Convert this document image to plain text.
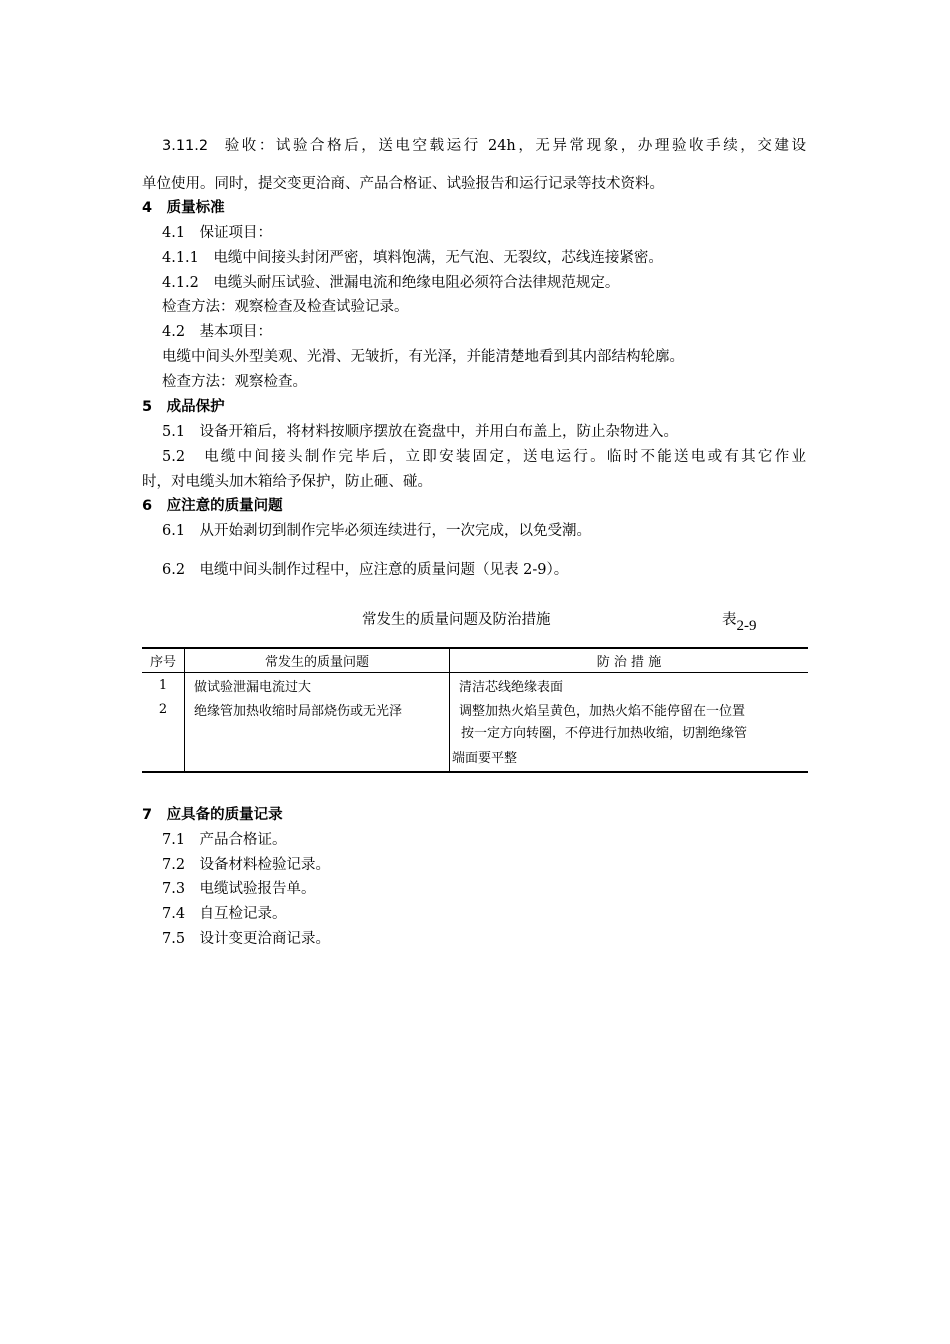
3.11.2 验收：试验合格后，送电空载运行 24h，无异常现象，办理验收手续，交建设
单位使用。同时，提交变更洽商、产品合格证、试验报告和运行记录等技术资料。
4　质量标准
4.1　保证项目：
4.1.1　电缆中间接头封闭严密，填料饱满，无气泡、无裂纹，芯线连接紧密。
4.1.2　电缆头耐压试验、泄漏电流和绝缘电阻必须符合法律规范规定。
检查方法：观察检查及检查试验记录。
4.2　基本项目：
电缆中间头外型美观、光滑、无皱折，有光泽，并能清楚地看到其内部结构轮廓。
检查方法：观察检查。
5　成品保护
5.1　设备开箱后，将材料按顺序摆放在瓷盘中，并用白布盖上，防止杂物进入。
5.2　电缆中间接头制作完毕后，立即安装固定，送电运行。临时不能送电或有其它作业
时，对电缆头加木箱给予保护，防止砸、碰。
6　应注意的质量问题
6.1　从开始剥切到制作完毕必须连续进行，一次完成，以免受潮。
6.2　电缆中间头制作过程中，应注意的质量问题（见表 2-9）。
常发生的质量问题及防治措施	表$_{2-9}$
序号	常发生的质量问题	防 治 措 施
1	做试验泄漏电流过大	清洁芯线绝缘表面
2	绝缘管加热收缩时局部烧伤或无光泽	调整加热火焰呈黄色，加热火焰不能停留在一位置

		按一定方向转圈，不停进行加热收缩，切割绝缘管
端面要平整
7　应具备的质量记录
7.1　产品合格证。
7.2　设备材料检验记录。
7.3　电缆试验报告单。
7.4　自互检记录。
7.5　设计变更洽商记录。
